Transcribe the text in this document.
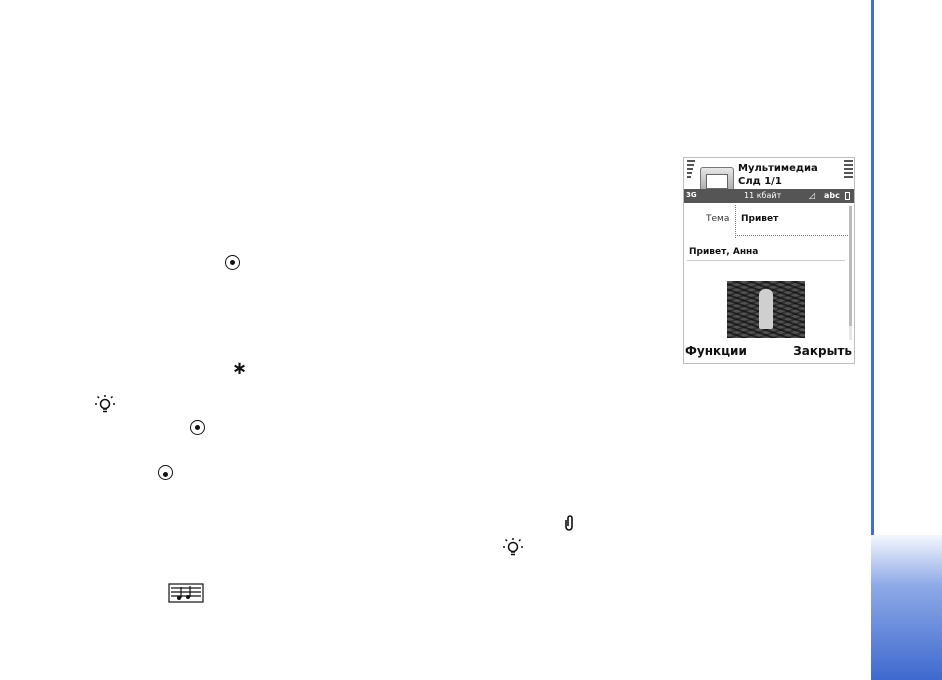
∗
Мультимедиа
Слд 1/1
3G	11 кбайт	◿ abc
Тема Привет
Привет, Анна
Функции	Закрыть
